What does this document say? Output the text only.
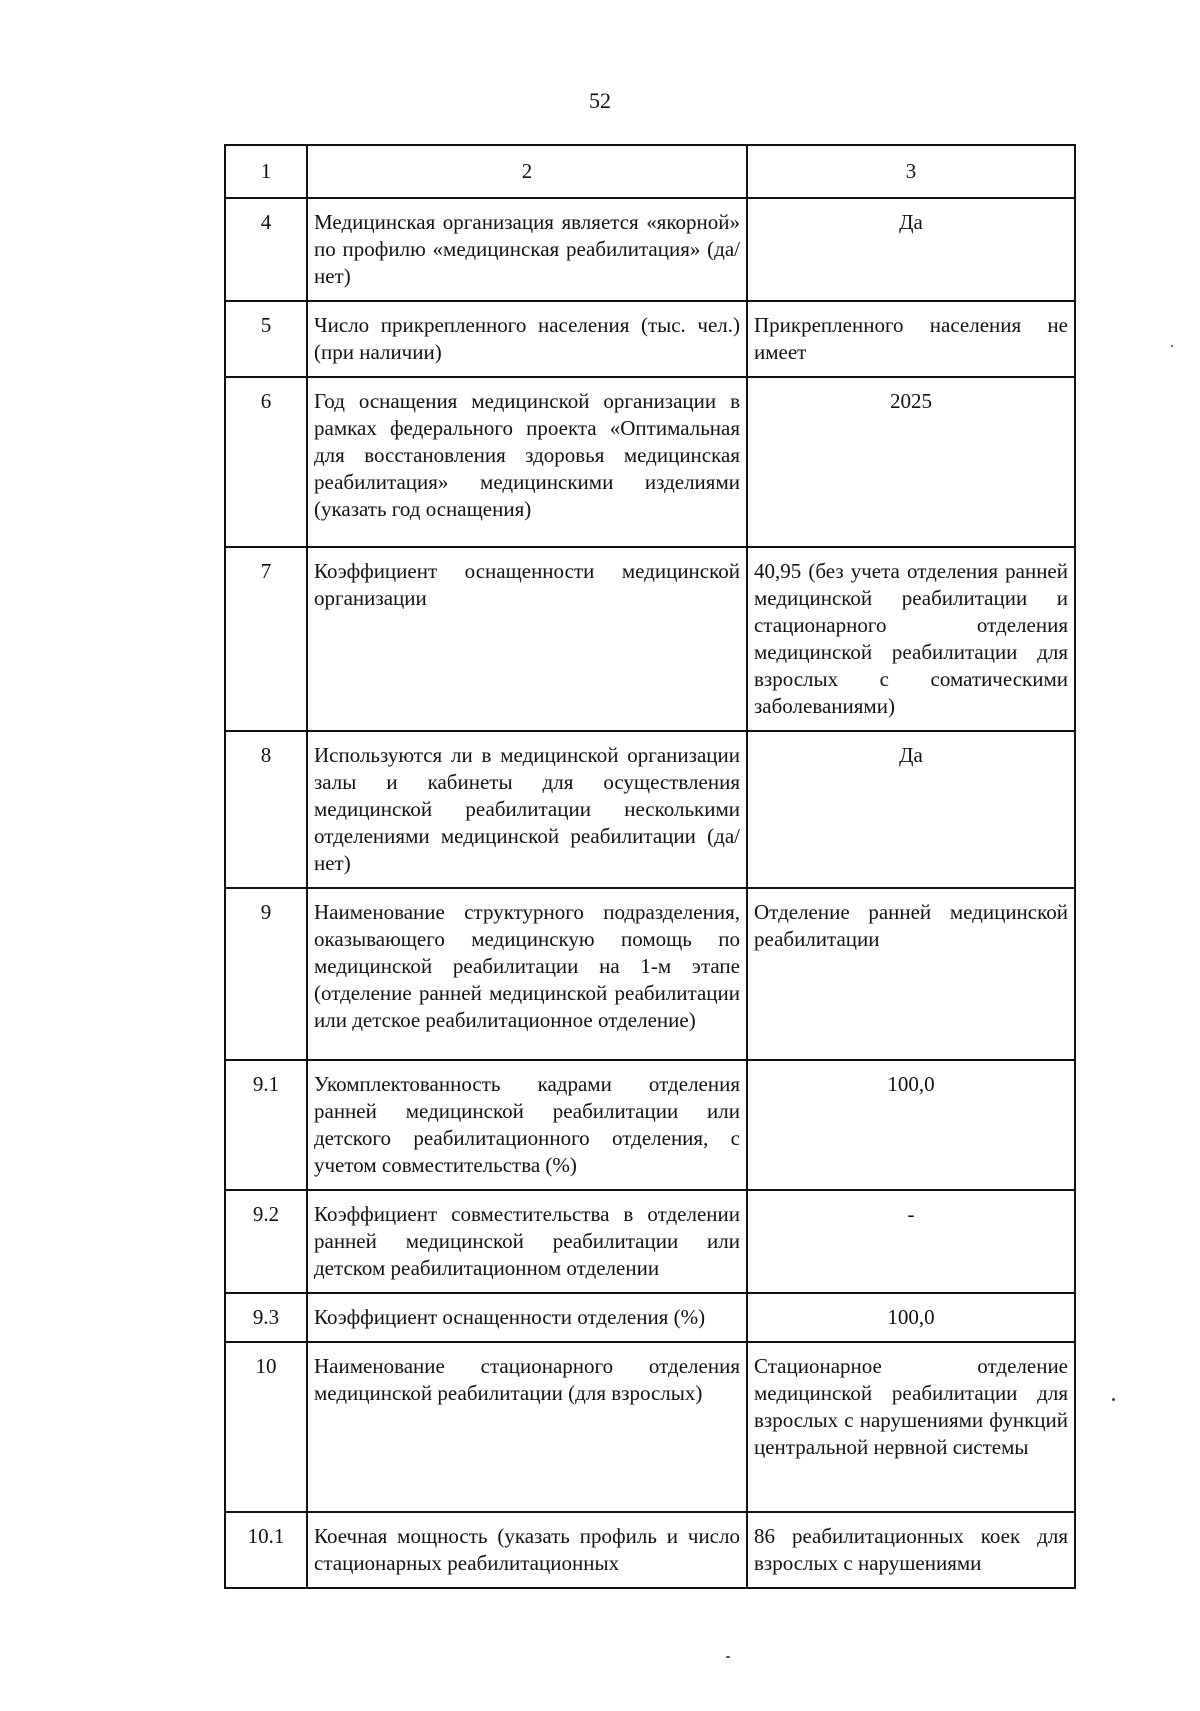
52
1	2	3
4	Медицинская организация является «якорной» по профилю «медицинская реабилитация» (да/нет)	Да
5	Число прикрепленного населения (тыс. чел.) (при наличии)	Прикрепленного населения не имеет
6	Год оснащения медицинской организации в рамках федерального проекта «Оптимальная для восстановления здоровья медицинская реабилитация» медицинскими изделиями (указать год оснащения)	2025
7	Коэффициент оснащенности медицинской организации	40,95 (без учета отделения ранней медицинской реабилитации и стационарного отделения медицинской реабилитации для взрослых с соматическими заболеваниями)
8	Используются ли в медицинской организации залы и кабинеты для осуществления медицинской реабилитации несколькими отделениями медицинской реабилитации (да/нет)	Да
9	Наименование структурного подразделения, оказывающего медицинскую помощь по медицинской реабилитации на 1-м этапе (отделение ранней медицинской реабилитации или детское реабилитационное отделение)	Отделение ранней медицинской реабилитации
9.1	Укомплектованность кадрами отделения ранней медицинской реабилитации или детского реабилитационного отделения, с учетом совместительства (%)	100,0
9.2	Коэффициент совместительства в отделении ранней медицинской реабилитации или детском реабилитационном отделении	-
9.3	Коэффициент оснащенности отделения (%)	100,0
10	Наименование стационарного отделения медицинской реабилитации (для взрослых)	Стационарное отделение медицинской реабилитации для взрослых с нарушениями функций центральной нервной системы
10.1	Коечная мощность (указать профиль и число стационарных реабилитационных	86 реабилитационных коек для взрослых с нарушениями
